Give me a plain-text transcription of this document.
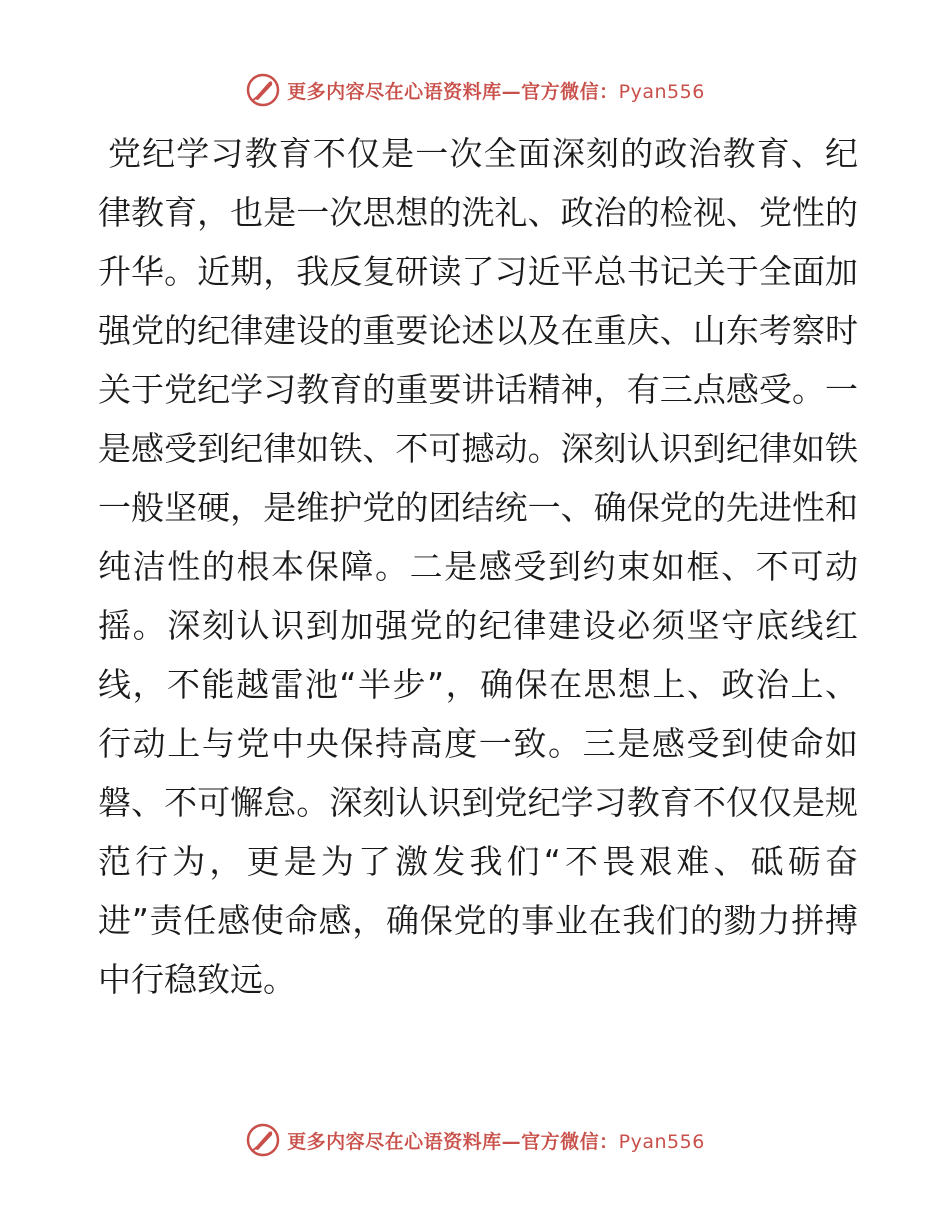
更多内容尽在心语资料库—官方微信：Pyan556

党纪学习教育不仅是一次全面深刻的政治教育、纪律教育，也是一次思想的洗礼、政治的检视、党性的升华。近期，我反复研读了习近平总书记关于全面加强党的纪律建设的重要论述以及在重庆、山东考察时关于党纪学习教育的重要讲话精神，有三点感受。一是感受到纪律如铁、不可撼动。深刻认识到纪律如铁一般坚硬，是维护党的团结统一、确保党的先进性和纯洁性的根本保障。二是感受到约束如框、不可动摇。深刻认识到加强党的纪律建设必须坚守底线红线，不能越雷池“半步”，确保在思想上、政治上、行动上与党中央保持高度一致。三是感受到使命如磐、不可懈怠。深刻认识到党纪学习教育不仅仅是规范行为，更是为了激发我们“不畏艰难、砥砺奋进”责任感使命感，确保党的事业在我们的勠力拼搏中行稳致远。

更多内容尽在心语资料库—官方微信：Pyan556
